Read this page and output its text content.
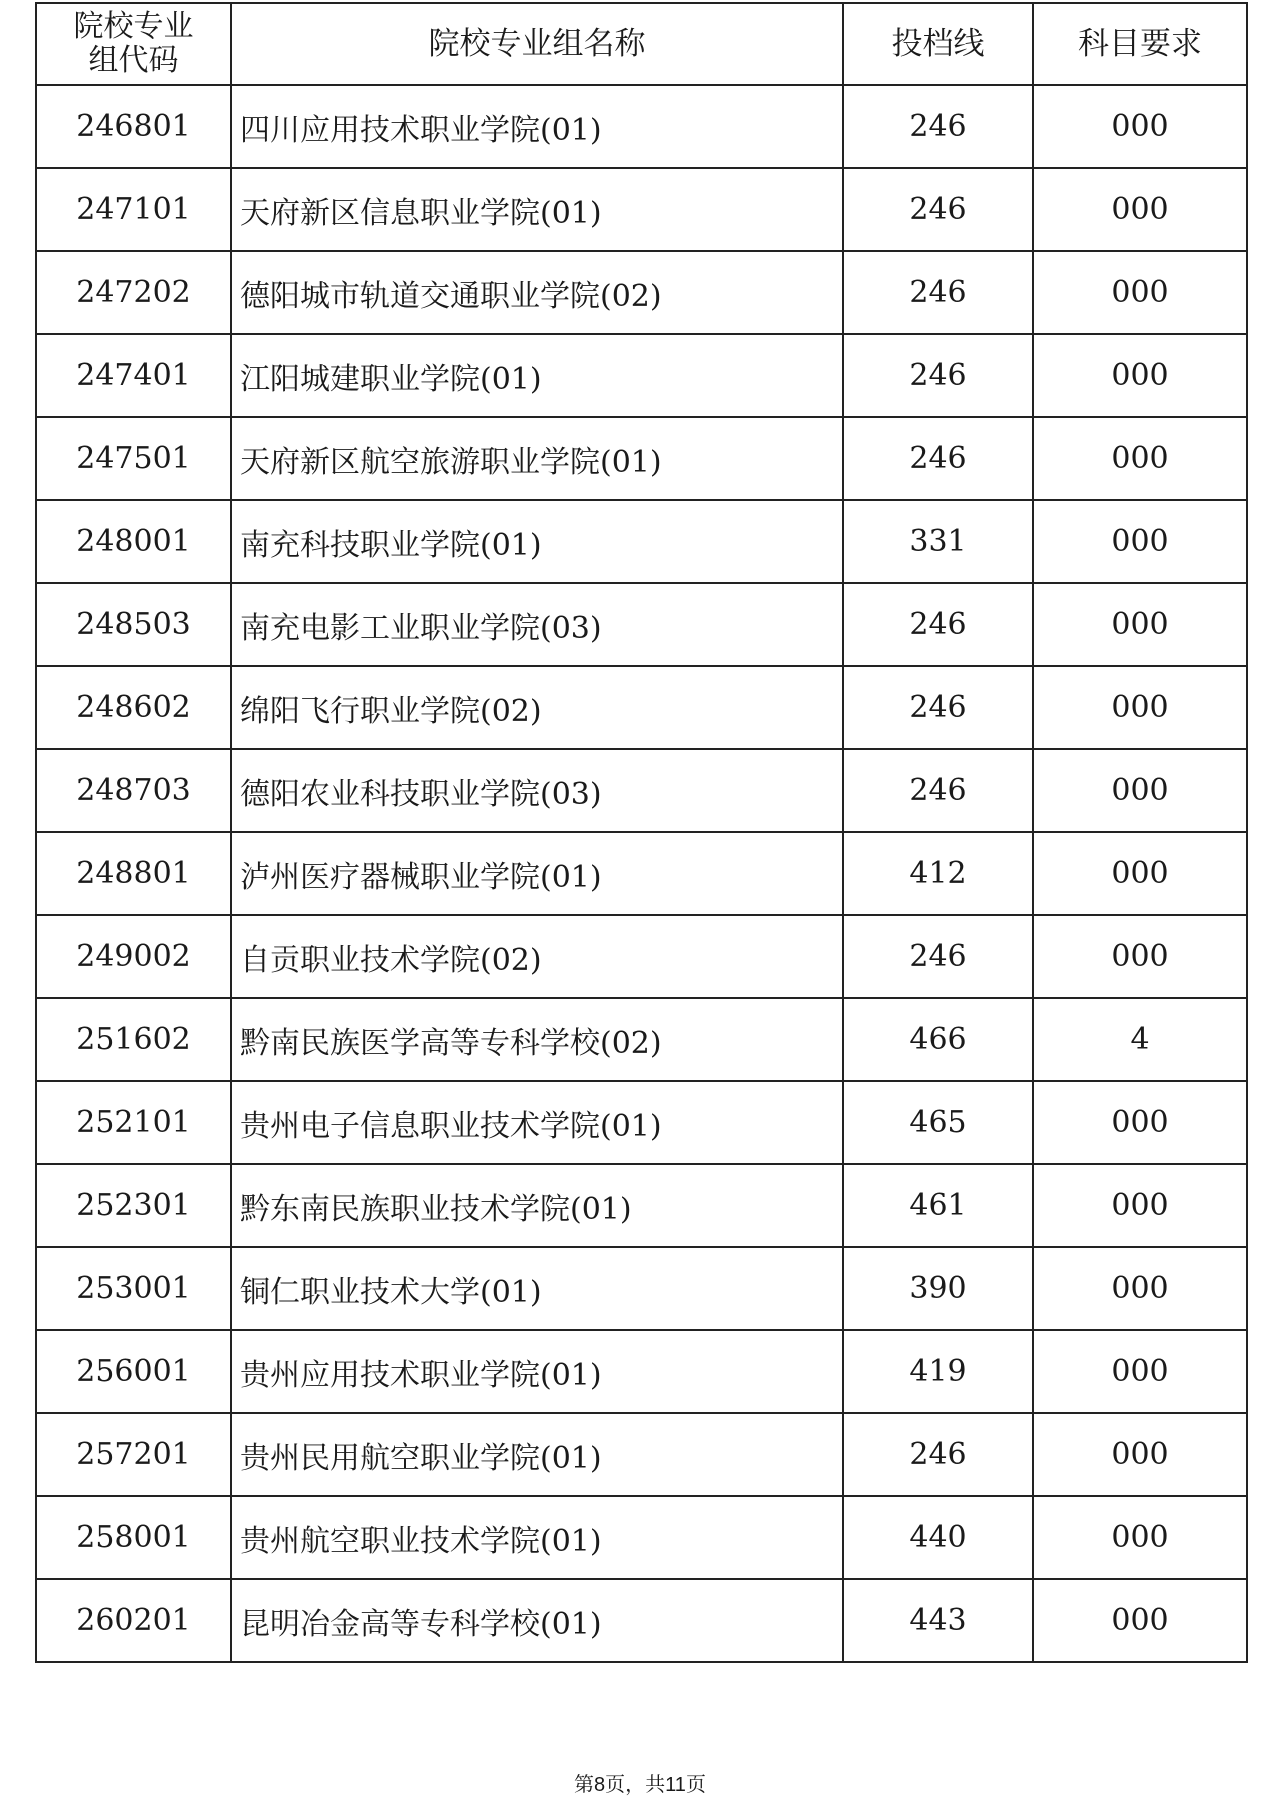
院校专业
组代码	院校专业组名称	投档线	科目要求
246801	四川应用技术职业学院(01)	246	000
247101	天府新区信息职业学院(01)	246	000
247202	德阳城市轨道交通职业学院(02)	246	000
247401	江阳城建职业学院(01)	246	000
247501	天府新区航空旅游职业学院(01)	246	000
248001	南充科技职业学院(01)	331	000
248503	南充电影工业职业学院(03)	246	000
248602	绵阳飞行职业学院(02)	246	000
248703	德阳农业科技职业学院(03)	246	000
248801	泸州医疗器械职业学院(01)	412	000
249002	自贡职业技术学院(02)	246	000
251602	黔南民族医学高等专科学校(02)	466	4
252101	贵州电子信息职业技术学院(01)	465	000
252301	黔东南民族职业技术学院(01)	461	000
253001	铜仁职业技术大学(01)	390	000
256001	贵州应用技术职业学院(01)	419	000
257201	贵州民用航空职业学院(01)	246	000
258001	贵州航空职业技术学院(01)	440	000
260201	昆明冶金高等专科学校(01)	443	000
第8页，共11页
